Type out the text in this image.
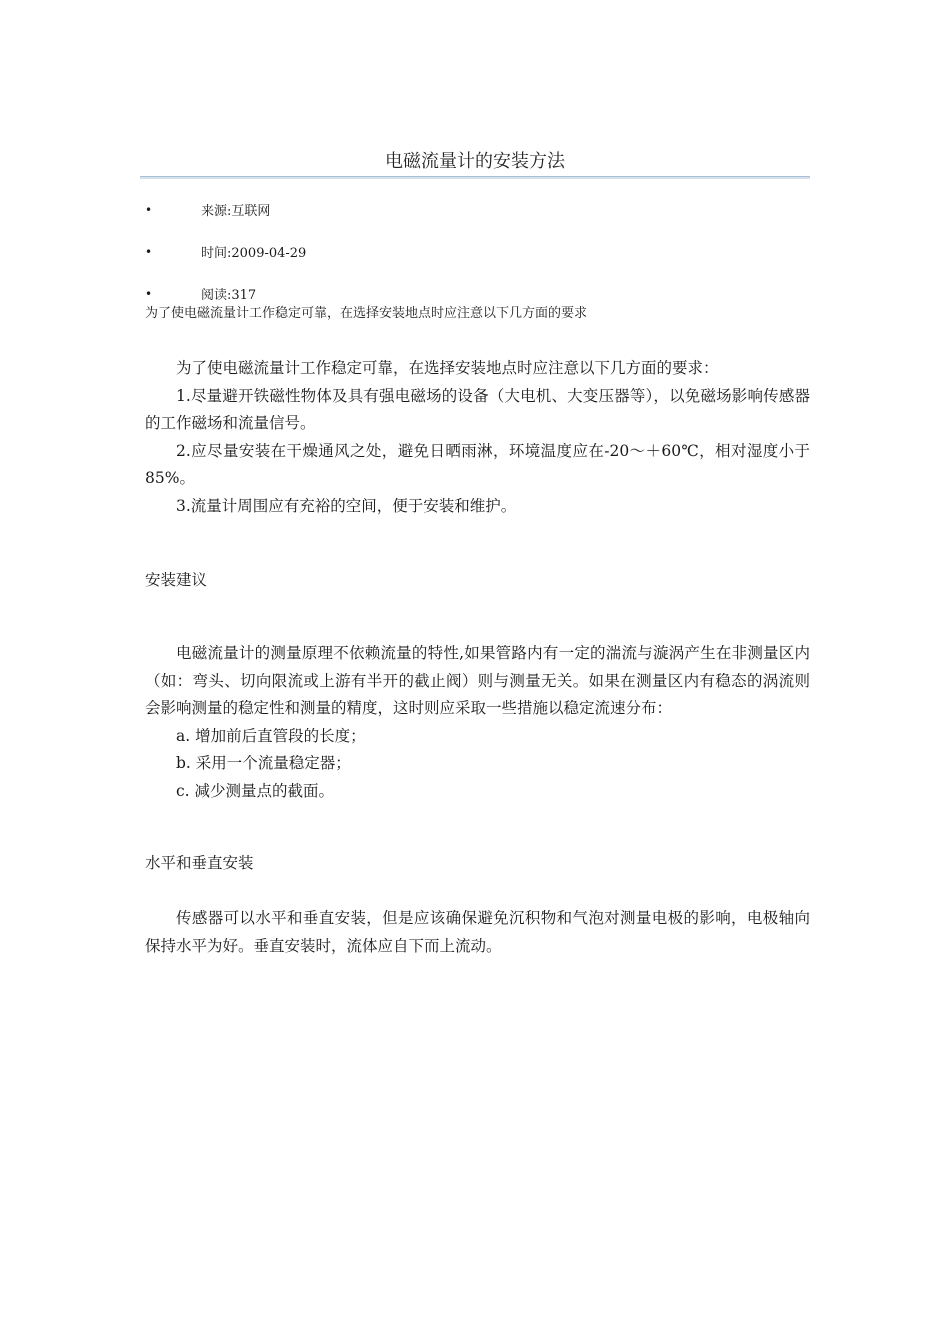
电磁流量计的安装方法
•	来源:互联网
•	时间:2009-04-29
•	阅读:317
为了使电磁流量计工作稳定可靠，在选择安装地点时应注意以下几方面的要求

为了使电磁流量计工作稳定可靠，在选择安装地点时应注意以下几方面的要求：

1.尽量避开铁磁性物体及具有强电磁场的设备（大电机、大变压器等），以免磁场影响传感器的工作磁场和流量信号。

2.应尽量安装在干燥通风之处，避免日晒雨淋，环境温度应在-20～＋60℃，相对湿度小于 85%。

3.流量计周围应有充裕的空间，便于安装和维护。

安装建议

电磁流量计的测量原理不依赖流量的特性,如果管路内有一定的湍流与漩涡产生在非测量区内（如：弯头、切向限流或上游有半开的截止阀）则与测量无关。如果在测量区内有稳态的涡流则会影响测量的稳定性和测量的精度，这时则应采取一些措施以稳定流速分布：

a. 增加前后直管段的长度；

b. 采用一个流量稳定器；

c. 减少测量点的截面。

水平和垂直安装

传感器可以水平和垂直安装，但是应该确保避免沉积物和气泡对测量电极的影响，电极轴向保持水平为好。垂直安装时，流体应自下而上流动。
